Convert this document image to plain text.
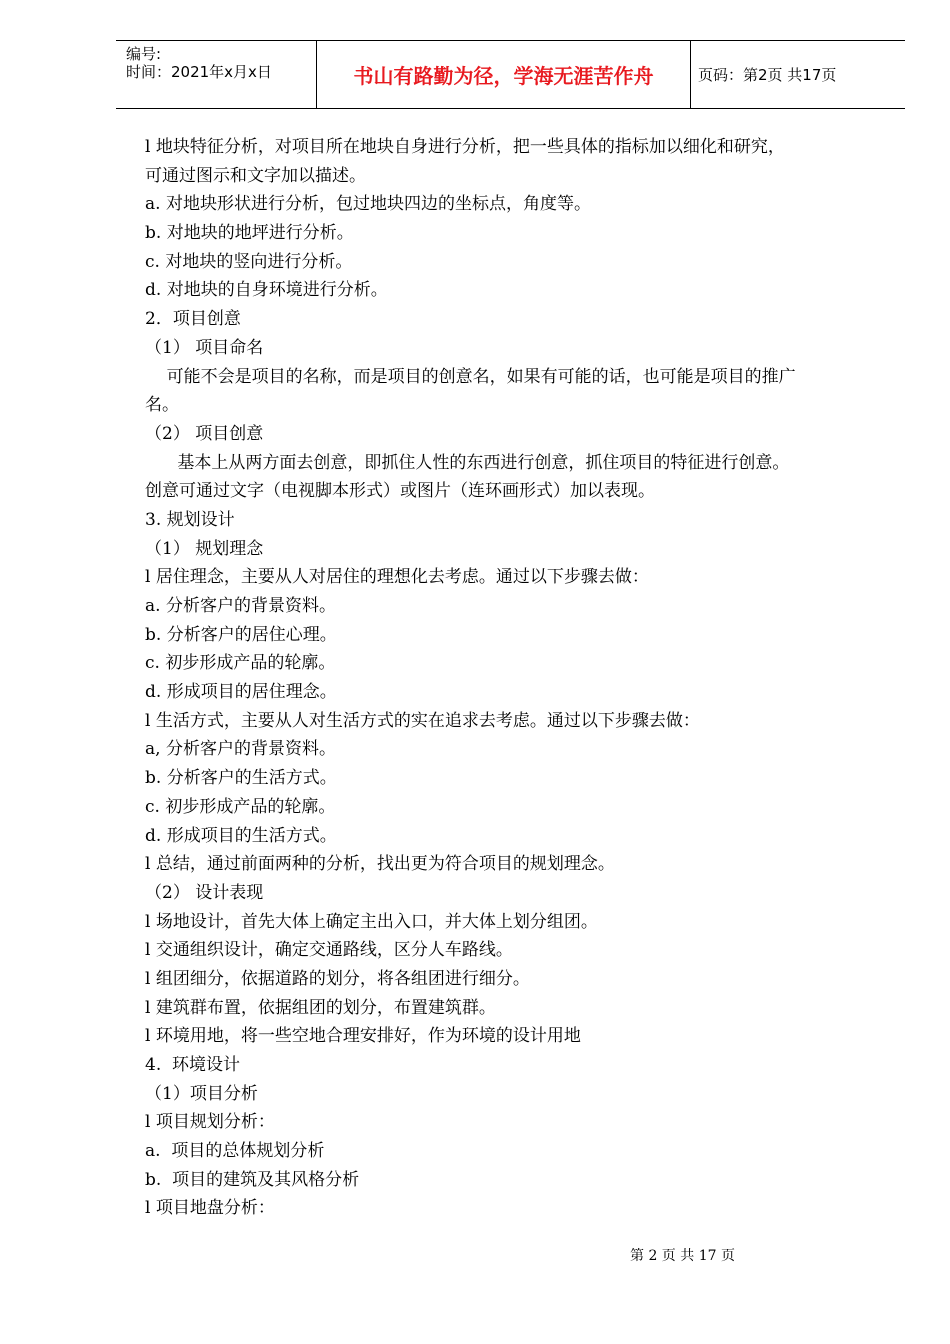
编号:
时间：2021年x月x日	书山有路勤为径，学海无涯苦作舟	页码：第2页 共17页
l 地块特征分析，对项目所在地块自身进行分析，把一些具体的指标加以细化和研究，
可通过图示和文字加以描述。
a. 对地块形状进行分析，包过地块四边的坐标点，角度等。
b. 对地块的地坪进行分析。
c. 对地块的竖向进行分析。
d. 对地块的自身环境进行分析。
2．项目创意
（1） 项目命名
可能不会是项目的名称，而是项目的创意名，如果有可能的话，也可能是项目的推广
名。
（2） 项目创意
基本上从两方面去创意，即抓住人性的东西进行创意，抓住项目的特征进行创意。
创意可通过文字（电视脚本形式）或图片（连环画形式）加以表现。
3. 规划设计
（1） 规划理念
l 居住理念，主要从人对居住的理想化去考虑。通过以下步骤去做：
a. 分析客户的背景资料。
b. 分析客户的居住心理。
c. 初步形成产品的轮廓。
d. 形成项目的居住理念。
l 生活方式，主要从人对生活方式的实在追求去考虑。通过以下步骤去做：
a, 分析客户的背景资料。
b. 分析客户的生活方式。
c. 初步形成产品的轮廓。
d. 形成项目的生活方式。
l 总结，通过前面两种的分析，找出更为符合项目的规划理念。
（2） 设计表现
l 场地设计，首先大体上确定主出入口，并大体上划分组团。
l 交通组织设计，确定交通路线，区分人车路线。
l 组团细分，依据道路的划分，将各组团进行细分。
l 建筑群布置，依据组团的划分，布置建筑群。
l 环境用地，将一些空地合理安排好，作为环境的设计用地
4.  环境设计
（1）项目分析
l 项目规划分析：
a.  项目的总体规划分析
b.  项目的建筑及其风格分析
l 项目地盘分析：
第 2 页 共 17 页
